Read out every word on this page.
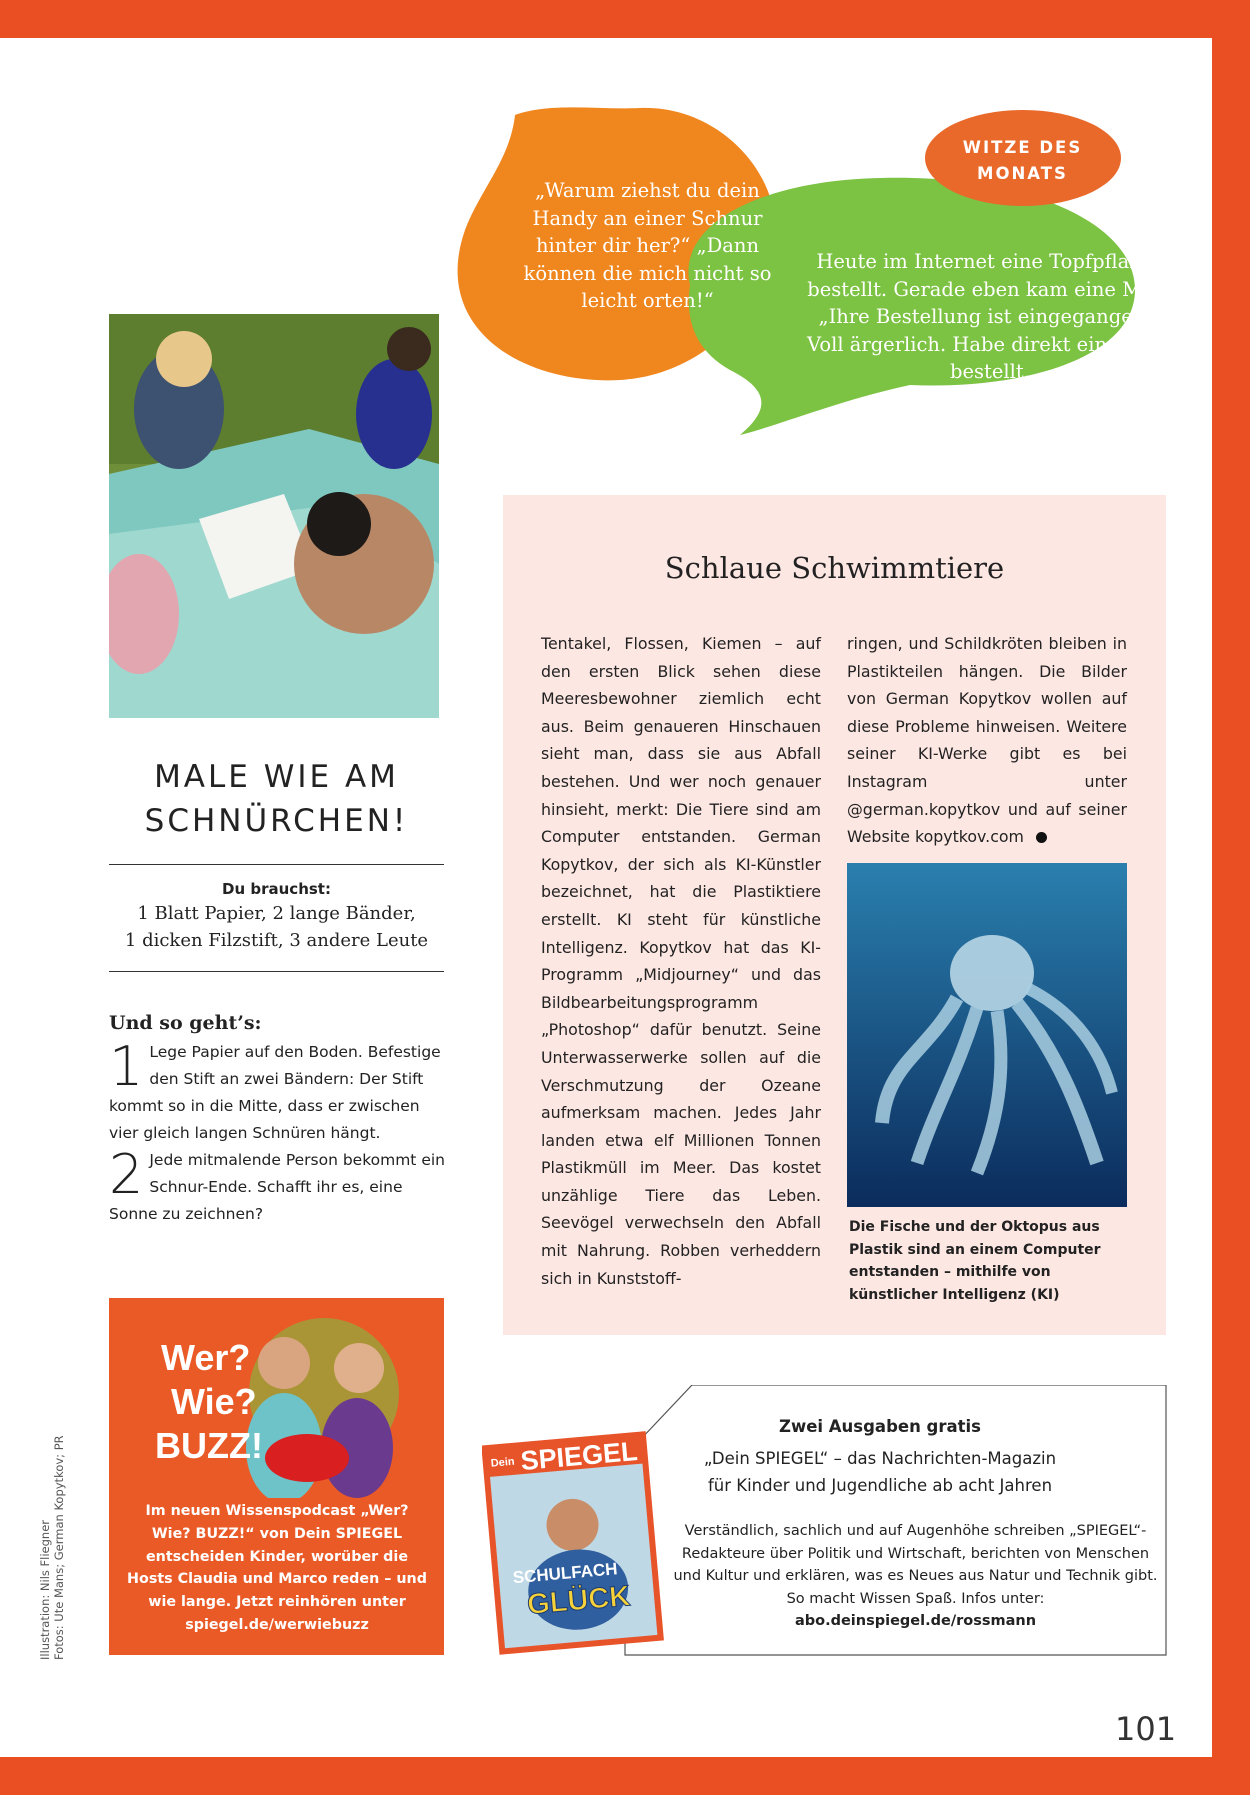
„Warum ziehst du dein Handy an einer Schnur hinter dir her?“ „Dann können die mich nicht so leicht orten!“
Heute im Internet eine Topfpflanze bestellt. Gerade eben kam eine Mail: „Ihre Bestellung ist eingegangen.“ Voll ärgerlich. Habe direkt eine neue bestellt.
WITZE DES
MONATS
MALE WIE AM
SCHNÜRCHEN!
Du brauchst:
1 Blatt Papier, 2 lange Bänder,
1 dicken Filzstift, 3 andere Leute
Und so geht’s:
1 Lege Papier auf den Boden. Befestige den Stift an zwei Bändern: Der Stift kommt so in die Mitte, dass er zwischen vier gleich langen Schnüren hängt.
2 Jede mitmalende Person bekommt ein Schnur-Ende. Schafft ihr es, eine Sonne zu zeichnen?
Schlaue Schwimmtiere
Tentakel, Flossen, Kiemen – auf den ersten Blick sehen diese Meeresbewohner ziemlich echt aus. Beim genaueren Hinschauen sieht man, dass sie aus Abfall bestehen. Und wer noch genauer hinsieht, merkt: Die Tiere sind am Computer entstanden. German Kopytkov, der sich als KI-Künstler bezeichnet, hat die Plastiktiere erstellt. KI steht für künstliche Intelligenz. Kopytkov hat das KI-Programm „Midjourney“ und das Bildbearbeitungsprogramm „Photoshop“ dafür benutzt. Seine Unterwasserwerke sollen auf die Verschmutzung der Ozeane aufmerksam machen. Jedes Jahr landen etwa elf Millionen Tonnen Plastikmüll im Meer. Das kostet unzählige Tiere das Leben. Seevögel verwechseln den Abfall mit Nahrung. Robben verheddern sich in Kunststoff-
ringen, und Schildkröten bleiben in Plastikteilen hängen. Die Bilder von German Kopytkov wollen auf diese Probleme hinweisen. Weitere seiner KI-Werke gibt es bei Instagram unter @german.kopytkov und auf seiner Website kopytkov.com
Die Fische und der Oktopus aus Plastik sind an einem Computer entstanden – mithilfe von künstlicher Intelligenz (KI)
Wer?
Wie?
BUZZ!
Im neuen Wissenspodcast „Wer? Wie? BUZZ!“ von Dein SPIEGEL entscheiden Kinder, worüber die Hosts Claudia und Marco reden – und wie lange. Jetzt reinhören unter spiegel.de/werwiebuzz
Illustration: Nils Fliegner Fotos: Ute Mans; German Kopytkov; PR
Zwei Ausgaben gratis
„Dein SPIEGEL“ – das Nachrichten-Magazin
für Kinder und Jugendliche ab acht Jahren
Verständlich, sachlich und auf Augenhöhe schreiben „SPIEGEL“-Redakteure über Politik und Wirtschaft, berichten von Menschen und Kultur und erklären, was es Neues aus Natur und Technik gibt. So macht Wissen Spaß. Infos unter: abo.deinspiegel.de/rossmann
Dein SPIEGEL
SCHULFACH
GLÜCK
101
